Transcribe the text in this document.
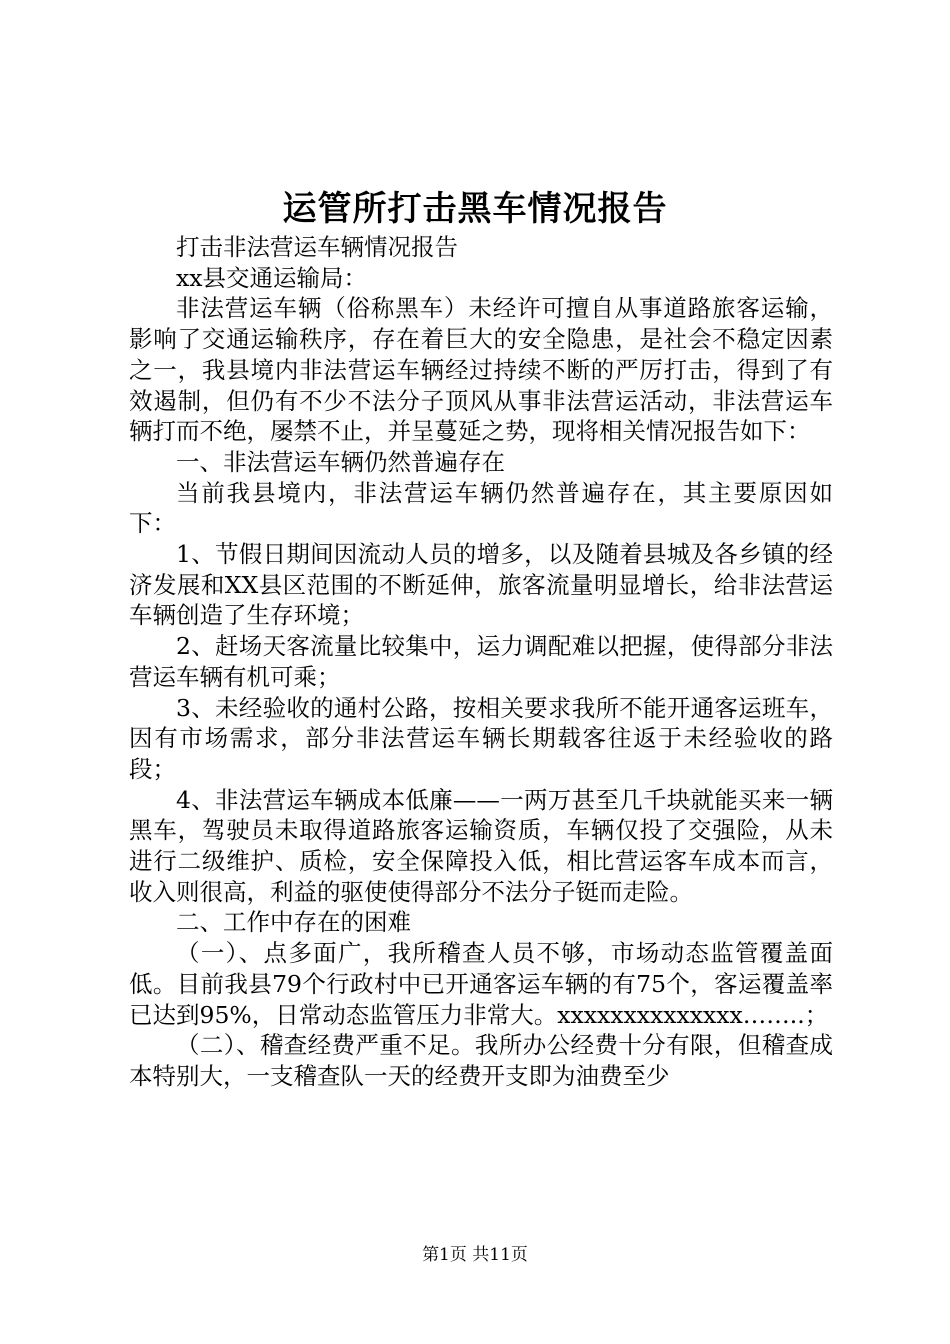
运管所打击黑车情况报告

打击非法营运车辆情况报告

xx县交通运输局：

非法营运车辆（俗称黑车）未经许可擅自从事道路旅客运输，影响了交通运输秩序，存在着巨大的安全隐患，是社会不稳定因素之一，我县境内非法营运车辆经过持续不断的严厉打击，得到了有效遏制，但仍有不少不法分子顶风从事非法营运活动，非法营运车辆打而不绝，屡禁不止，并呈蔓延之势，现将相关情况报告如下：

一、非法营运车辆仍然普遍存在

当前我县境内，非法营运车辆仍然普遍存在，其主要原因如下：

1、节假日期间因流动人员的增多，以及随着县城及各乡镇的经济发展和XX县区范围的不断延伸，旅客流量明显增长，给非法营运车辆创造了生存环境；

2、赶场天客流量比较集中，运力调配难以把握，使得部分非法营运车辆有机可乘；

3、未经验收的通村公路，按相关要求我所不能开通客运班车，因有市场需求，部分非法营运车辆长期载客往返于未经验收的路段；

4、非法营运车辆成本低廉——一两万甚至几千块就能买来一辆黑车，驾驶员未取得道路旅客运输资质，车辆仅投了交强险，从未进行二级维护、质检，安全保障投入低，相比营运客车成本而言，收入则很高，利益的驱使使得部分不法分子铤而走险。

二、工作中存在的困难

（一）、点多面广，我所稽查人员不够，市场动态监管覆盖面低。目前我县79个行政村中已开通客运车辆的有75个，客运覆盖率已达到95%，日常动态监管压力非常大。xxxxxxxxxxxxxx……..；

（二）、稽查经费严重不足。我所办公经费十分有限，但稽查成本特别大，一支稽查队一天的经费开支即为油费至少

第1页 共11页
